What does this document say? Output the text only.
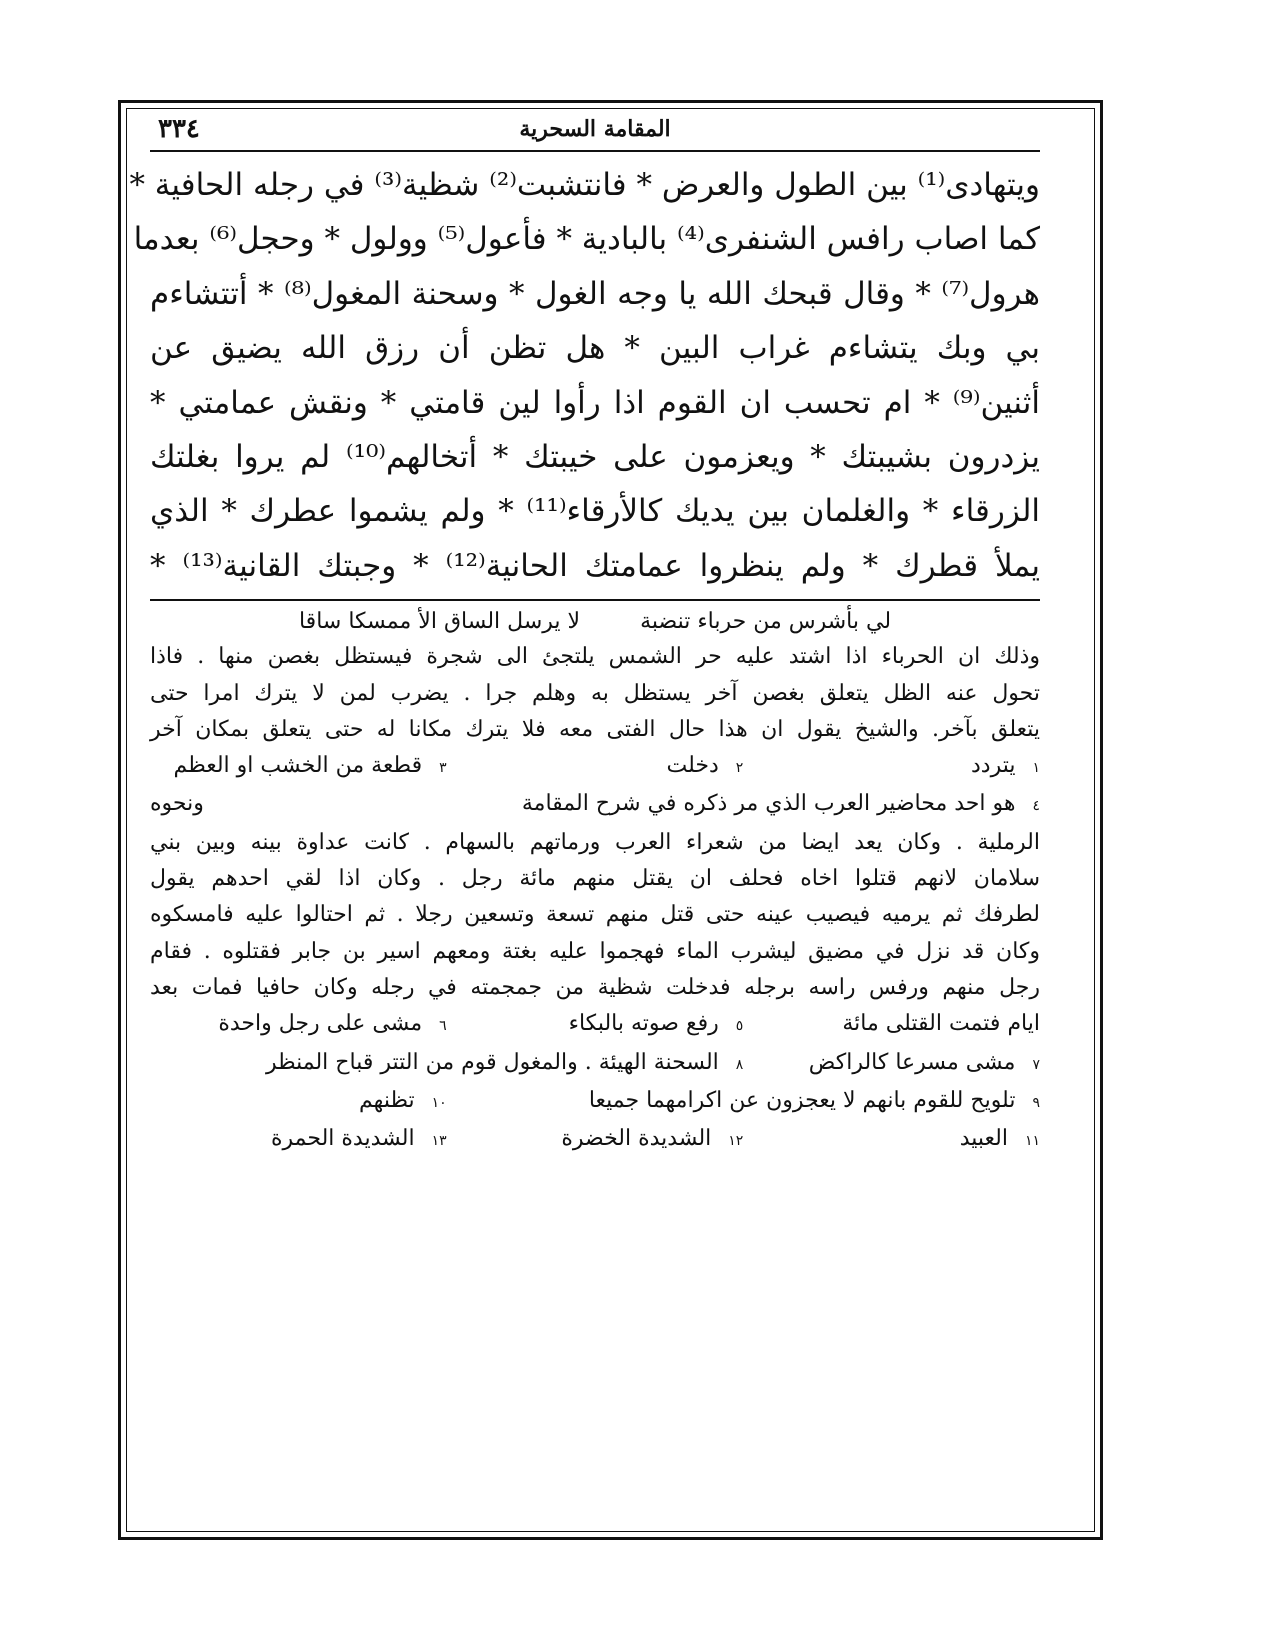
٣٣٤	المقامة السحرية
ويتهادى⁽¹⁾ بين الطول والعرض * فانتشبت⁽²⁾ شظية⁽³⁾ في رجله الحافية *
كما اصاب رافس الشنفرى⁽⁴⁾ بالبادية * فأعول⁽⁵⁾ وولول * وحجل⁽⁶⁾ بعدما
هرول⁽⁷⁾ * وقال قبحك الله يا وجه الغول * وسحنة المغول⁽⁸⁾ * أتتشاءم
بي وبك يتشاءم غراب البين * هل تظن أن رزق الله يضيق عن
أثنين⁽⁹⁾ * ام تحسب ان القوم اذا رأوا لين قامتي * ونقش عمامتي *
يزدرون بشيبتك * ويعزمون على خيبتك * أتخالهم⁽¹⁰⁾ لم يروا بغلتك
الزرقاء * والغلمان بين يديك كالأرقاء⁽¹¹⁾ * ولم يشموا عطرك * الذي
يملأ قطرك * ولم ينظروا عمامتك الحانية⁽¹²⁾ * وجبتك القانية⁽¹³⁾ *
لي بأشرس من حرباء تنضبة
لا يرسل الساق الأ ممسكا ساقا
وذلك ان الحرباء اذا اشتد عليه حر الشمس يلتجئ الى شجرة فيستظل بغصن منها . فاذا
تحول عنه الظل يتعلق بغصن آخر يستظل به وهلم جرا . يضرب لمن لا يترك امرا حتى
يتعلق بآخر. والشيخ يقول ان هذا حال الفتى معه فلا يترك مكانا له حتى يتعلق بمكان آخر
١ يتردد
٢ دخلت
٣ قطعة من الخشب او العظم
٤ هو احد محاضير العرب الذي مر ذكره في شرح المقامة
ونحوه
الرملية . وكان يعد ايضا من شعراء العرب ورماتهم بالسهام . كانت عداوة بينه وبين بني
سلامان لانهم قتلوا اخاه فحلف ان يقتل منهم مائة رجل . وكان اذا لقي احدهم يقول
لطرفك ثم يرميه فيصيب عينه حتى قتل منهم تسعة وتسعين رجلا . ثم احتالوا عليه فامسكوه
وكان قد نزل في مضيق ليشرب الماء فهجموا عليه بغتة ومعهم اسير بن جابر فقتلوه . فقام
رجل منهم ورفس راسه برجله فدخلت شظية من جمجمته في رجله وكان حافيا فمات بعد
ايام فتمت القتلى مائة
٥ رفع صوته بالبكاء
٦ مشى على رجل واحدة
٧ مشى مسرعا كالراكض
٨ السحنة الهيئة . والمغول قوم من التتر قباح المنظر
٩ تلويح للقوم بانهم لا يعجزون عن اكرامهما جميعا
١٠ تظنهم
١١ العبيد
١٢ الشديدة الخضرة
١٣ الشديدة الحمرة
